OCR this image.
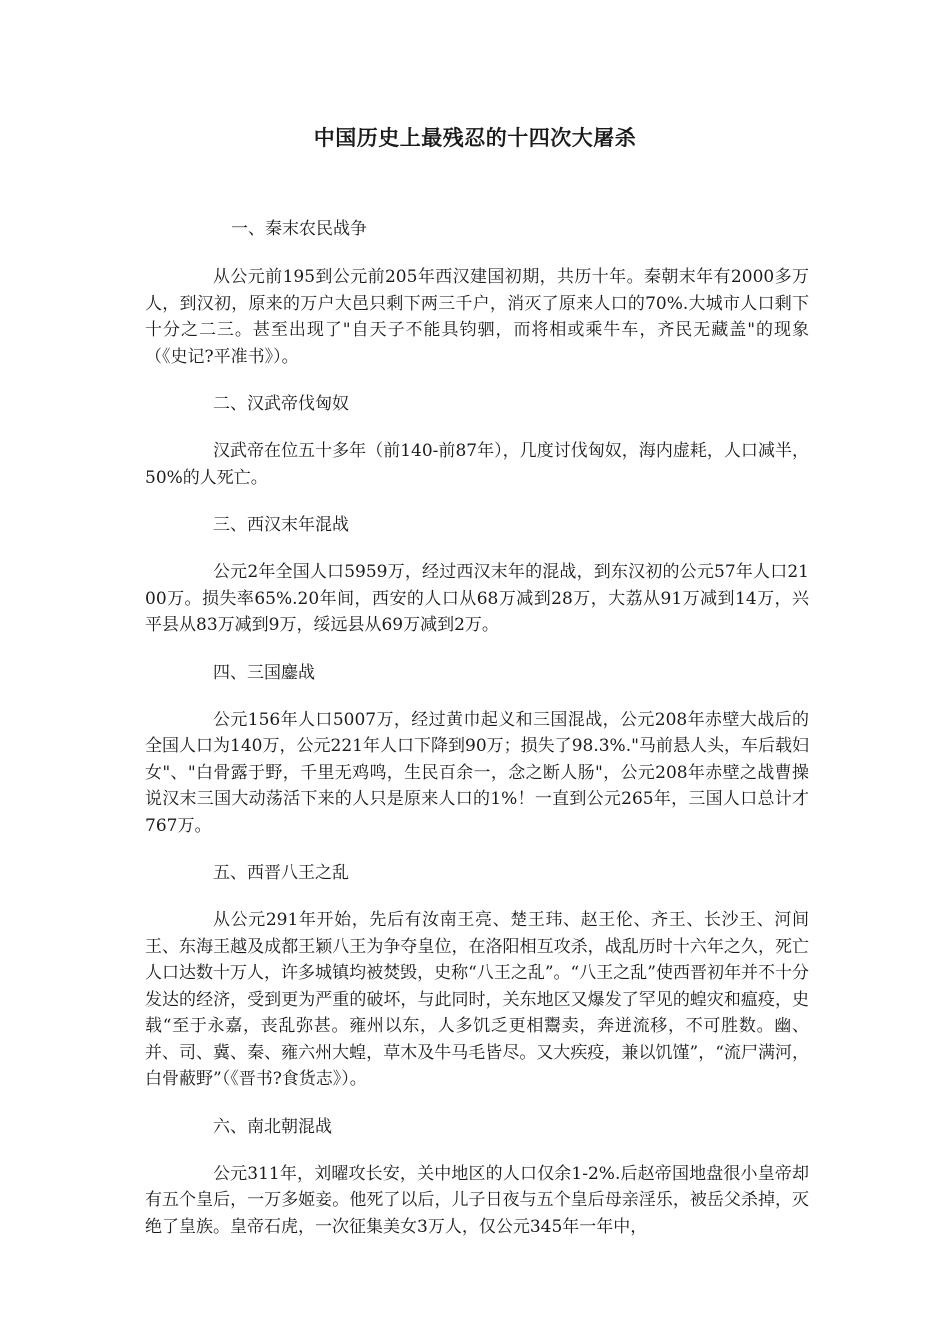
中国历史上最残忍的十四次大屠杀

一、秦末农民战争

从公元前195到公元前205年西汉建国初期，共历十年。秦朝末年有2000多万人，到汉初，原来的万户大邑只剩下两三千户，消灭了原来人口的70%.大城市人口剩下十分之二三。甚至出现了"自天子不能具钧驷，而将相或乘牛车，齐民无藏盖"的现象（《史记?平准书》）。

二、汉武帝伐匈奴

汉武帝在位五十多年（前140-前87年），几度讨伐匈奴，海内虚耗，人口减半，50%的人死亡。

三、西汉末年混战

公元2年全国人口5959万，经过西汉末年的混战，到东汉初的公元57年人口2100万。损失率65%.20年间，西安的人口从68万减到28万，大荔从91万减到14万，兴平县从83万减到9万，绥远县从69万减到2万。

四、三国鏖战

公元156年人口5007万，经过黄巾起义和三国混战，公元208年赤壁大战后的全国人口为140万，公元221年人口下降到90万；损失了98.3%."马前悬人头，车后载妇女"、"白骨露于野，千里无鸡鸣，生民百余一，念之断人肠"，公元208年赤壁之战曹操说汉末三国大动荡活下来的人只是原来人口的1%！一直到公元265年，三国人口总计才767万。

五、西晋八王之乱

从公元291年开始，先后有汝南王亮、楚王玮、赵王伦、齐王、长沙王、河间王、东海王越及成都王颖八王为争夺皇位，在洛阳相互攻杀，战乱历时十六年之久，死亡人口达数十万人，许多城镇均被焚毁，史称“八王之乱”。“八王之乱”使西晋初年并不十分发达的经济，受到更为严重的破坏，与此同时，关东地区又爆发了罕见的蝗灾和瘟疫，史载“至于永嘉，丧乱弥甚。雍州以东，人多饥乏更相鬻卖，奔迸流移，不可胜数。幽、并、司、冀、秦、雍六州大蝗，草木及牛马毛皆尽。又大疾疫，兼以饥馑”，“流尸满河，白骨蔽野”（《晋书?食货志》）。

六、南北朝混战

公元311年，刘曜攻长安，关中地区的人口仅余1-2%.后赵帝国地盘很小皇帝却有五个皇后，一万多姬妾。他死了以后，儿子日夜与五个皇后母亲淫乐，被岳父杀掉，灭绝了皇族。皇帝石虎，一次征集美女3万人，仅公元345年一年中，
